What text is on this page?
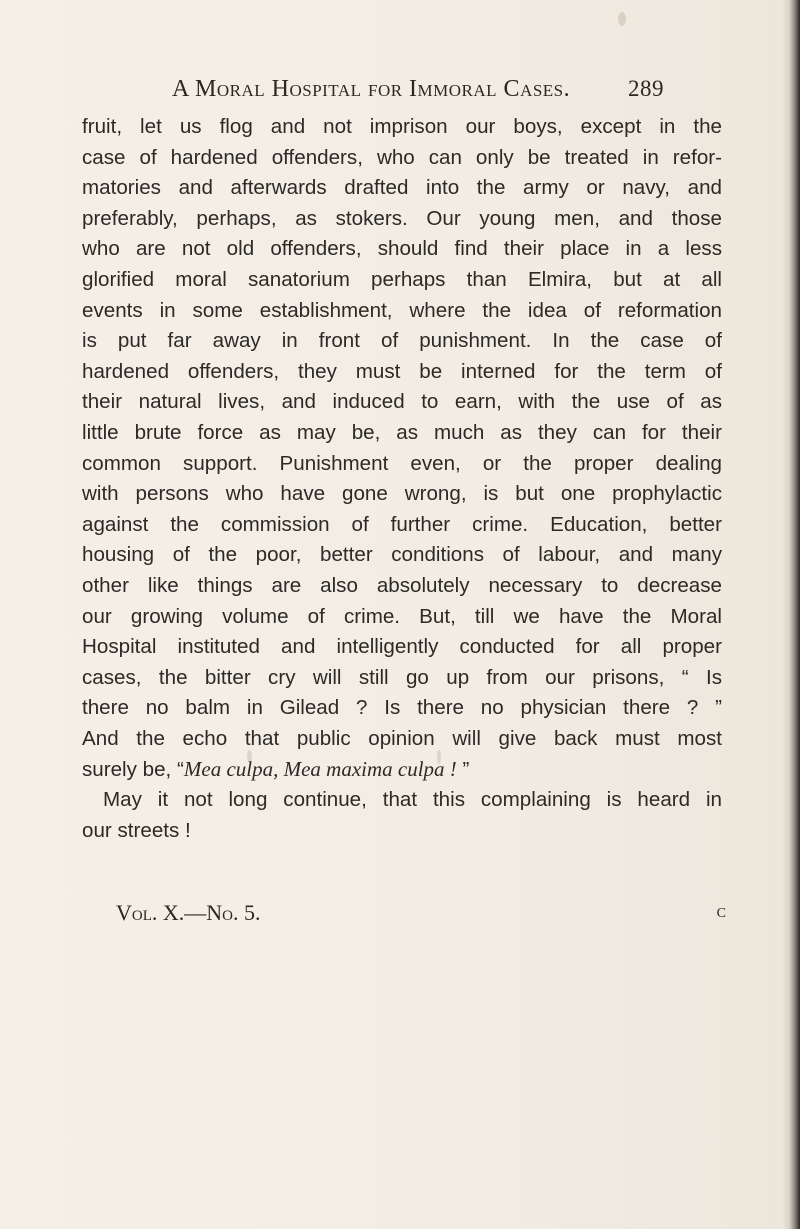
A Moral Hospital for Immoral Cases.	289
fruit, let us flog and not imprison our boys, except in the
case of hardened offenders, who can only be treated in refor-
matories and afterwards drafted into the army or navy, and
preferably, perhaps, as stokers. Our young men, and those
who are not old offenders, should find their place in a less
glorified moral sanatorium perhaps than Elmira, but at all
events in some establishment, where the idea of reformation
is put far away in front of punishment. In the case of
hardened offenders, they must be interned for the term of
their natural lives, and induced to earn, with the use of as
little brute force as may be, as much as they can for their
common support. Punishment even, or the proper dealing
with persons who have gone wrong, is but one prophylactic
against the commission of further crime. Education, better
housing of the poor, better conditions of labour, and many
other like things are also absolutely necessary to decrease
our growing volume of crime. But, till we have the Moral
Hospital instituted and intelligently conducted for all proper
cases, the bitter cry will still go up from our prisons, “ Is
there no balm in Gilead ? Is there no physician there ? ”
And the echo that public opinion will give back must most
surely be, “Mea culpa, Mea maxima culpa ! ”
May it not long continue, that this complaining is heard in
our streets !
Vol. X.—No. 5.	c
